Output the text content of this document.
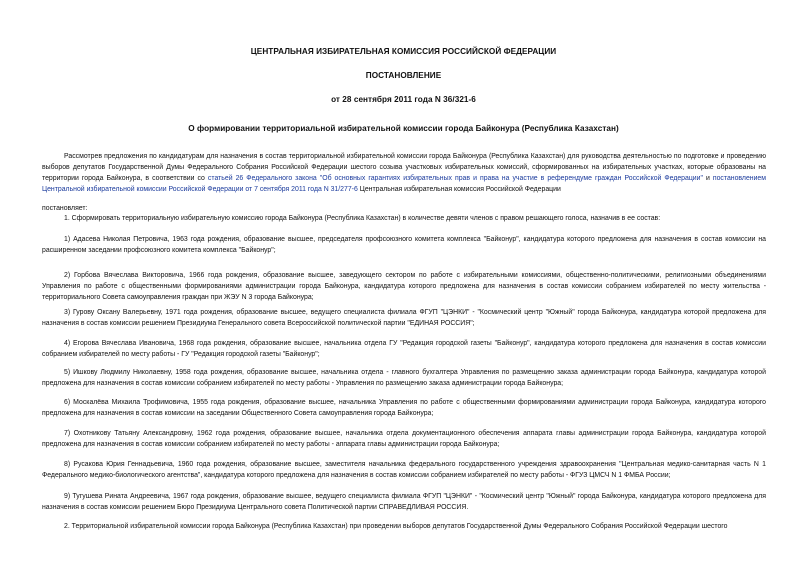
ЦЕНТРАЛЬНАЯ ИЗБИРАТЕЛЬНАЯ КОМИССИЯ РОССИЙСКОЙ ФЕДЕРАЦИИ
ПОСТАНОВЛЕНИЕ
от 28 сентября 2011 года N 36/321-6
О формировании территориальной избирательной комиссии города Байконура (Республика Казахстан)
Рассмотрев предложения по кандидатурам для назначения в состав территориальной избирательной комиссии города Байконура (Республика Казахстан) для руководства деятельностью по подготовке и проведению выборов депутатов Государственной Думы Федерального Собрания Российской Федерации шестого созыва участковых избирательных комиссий, сформированных на избирательных участках, которые образованы на территории города Байконура, в соответствии со статьей 26 Федерального закона "Об основных гарантиях избирательных прав и права на участие в референдуме граждан Российской Федерации" и постановлением Центральной избирательной комиссии Российской Федерации от 7 сентября 2011 года N 31/277-6 Центральная избирательная комиссия Российской Федерации
постановляет:
1. Сформировать территориальную избирательную комиссию города Байконура (Республика Казахстан) в количестве девяти членов с правом решающего голоса, назначив в ее состав:
1) Адасева Николая Петровича, 1963 года рождения, образование высшее, председателя профсоюзного комитета комплекса "Байконур", кандидатура которого предложена для назначения в состав комиссии на расширенном заседании профсоюзного комитета комплекса "Байконур";
2) Горбова Вячеслава Викторовича, 1966 года рождения, образование высшее, заведующего сектором по работе с избирательными комиссиями, общественно-политическими, религиозными объединениями Управления по работе с общественными формированиями администрации города Байконура, кандидатура которого предложена для назначения в состав комиссии собранием избирателей по месту жительства - территориального Совета самоуправления граждан при ЖЭУ N 3 города Байконура;
3) Гурову Оксану Валерьевну, 1971 года рождения, образование высшее, ведущего специалиста филиала ФГУП "ЦЭНКИ" - "Космический центр "Южный" города Байконура, кандидатура которой предложена для назначения в состав комиссии решением Президиума Генерального совета Всероссийской политической партии "ЕДИНАЯ РОССИЯ";
4) Егорова Вячеслава Ивановича, 1968 года рождения, образование высшее, начальника отдела ГУ "Редакция городской газеты "Байконур", кандидатура которого предложена для назначения в состав комиссии собранием избирателей по месту работы - ГУ "Редакция городской газеты "Байконур";
5) Ишкову Людмилу Николаевну, 1958 года рождения, образование высшее, начальника отдела - главного бухгалтера Управления по размещению заказа администрации города Байконура, кандидатура которой предложена для назначения в состав комиссии собранием избирателей по месту работы - Управления по размещению заказа администрации города Байконура;
6) Москалёва Михаила Трофимовича, 1955 года рождения, образование высшее, начальника Управления по работе с общественными формированиями администрации города Байконура, кандидатура которого предложена для назначения в состав комиссии на заседании Общественного Совета самоуправления города Байконура;
7) Охотникову Татьяну Александровну, 1962 года рождения, образование высшее, начальника отдела документационного обеспечения аппарата главы администрации города Байконура, кандидатура которой предложена для назначения в состав комиссии собранием избирателей по месту работы - аппарата главы администрации города Байконура;
8) Русакова Юрия Геннадьевича, 1960 года рождения, образование высшее, заместителя начальника федерального государственного учреждения здравоохранения "Центральная медико-санитарная часть N 1 Федерального медико-биологического агентства", кандидатура которого предложена для назначения в состав комиссии собранием избирателей по месту работы - ФГУЗ ЦМСЧ N 1 ФМБА России;
9) Тугушева Рината Андреевича, 1967 года рождения, образование высшее, ведущего специалиста филиала ФГУП "ЦЭНКИ" - "Космический центр "Южный" города Байконура, кандидатура которого предложена для назначения в состав комиссии решением Бюро Президиума Центрального совета Политической партии СПРАВЕДЛИВАЯ РОССИЯ.
2. Территориальной избирательной комиссии города Байконура (Республика Казахстан) при проведении выборов депутатов Государственной Думы Федерального Собрания Российской Федерации шестого
